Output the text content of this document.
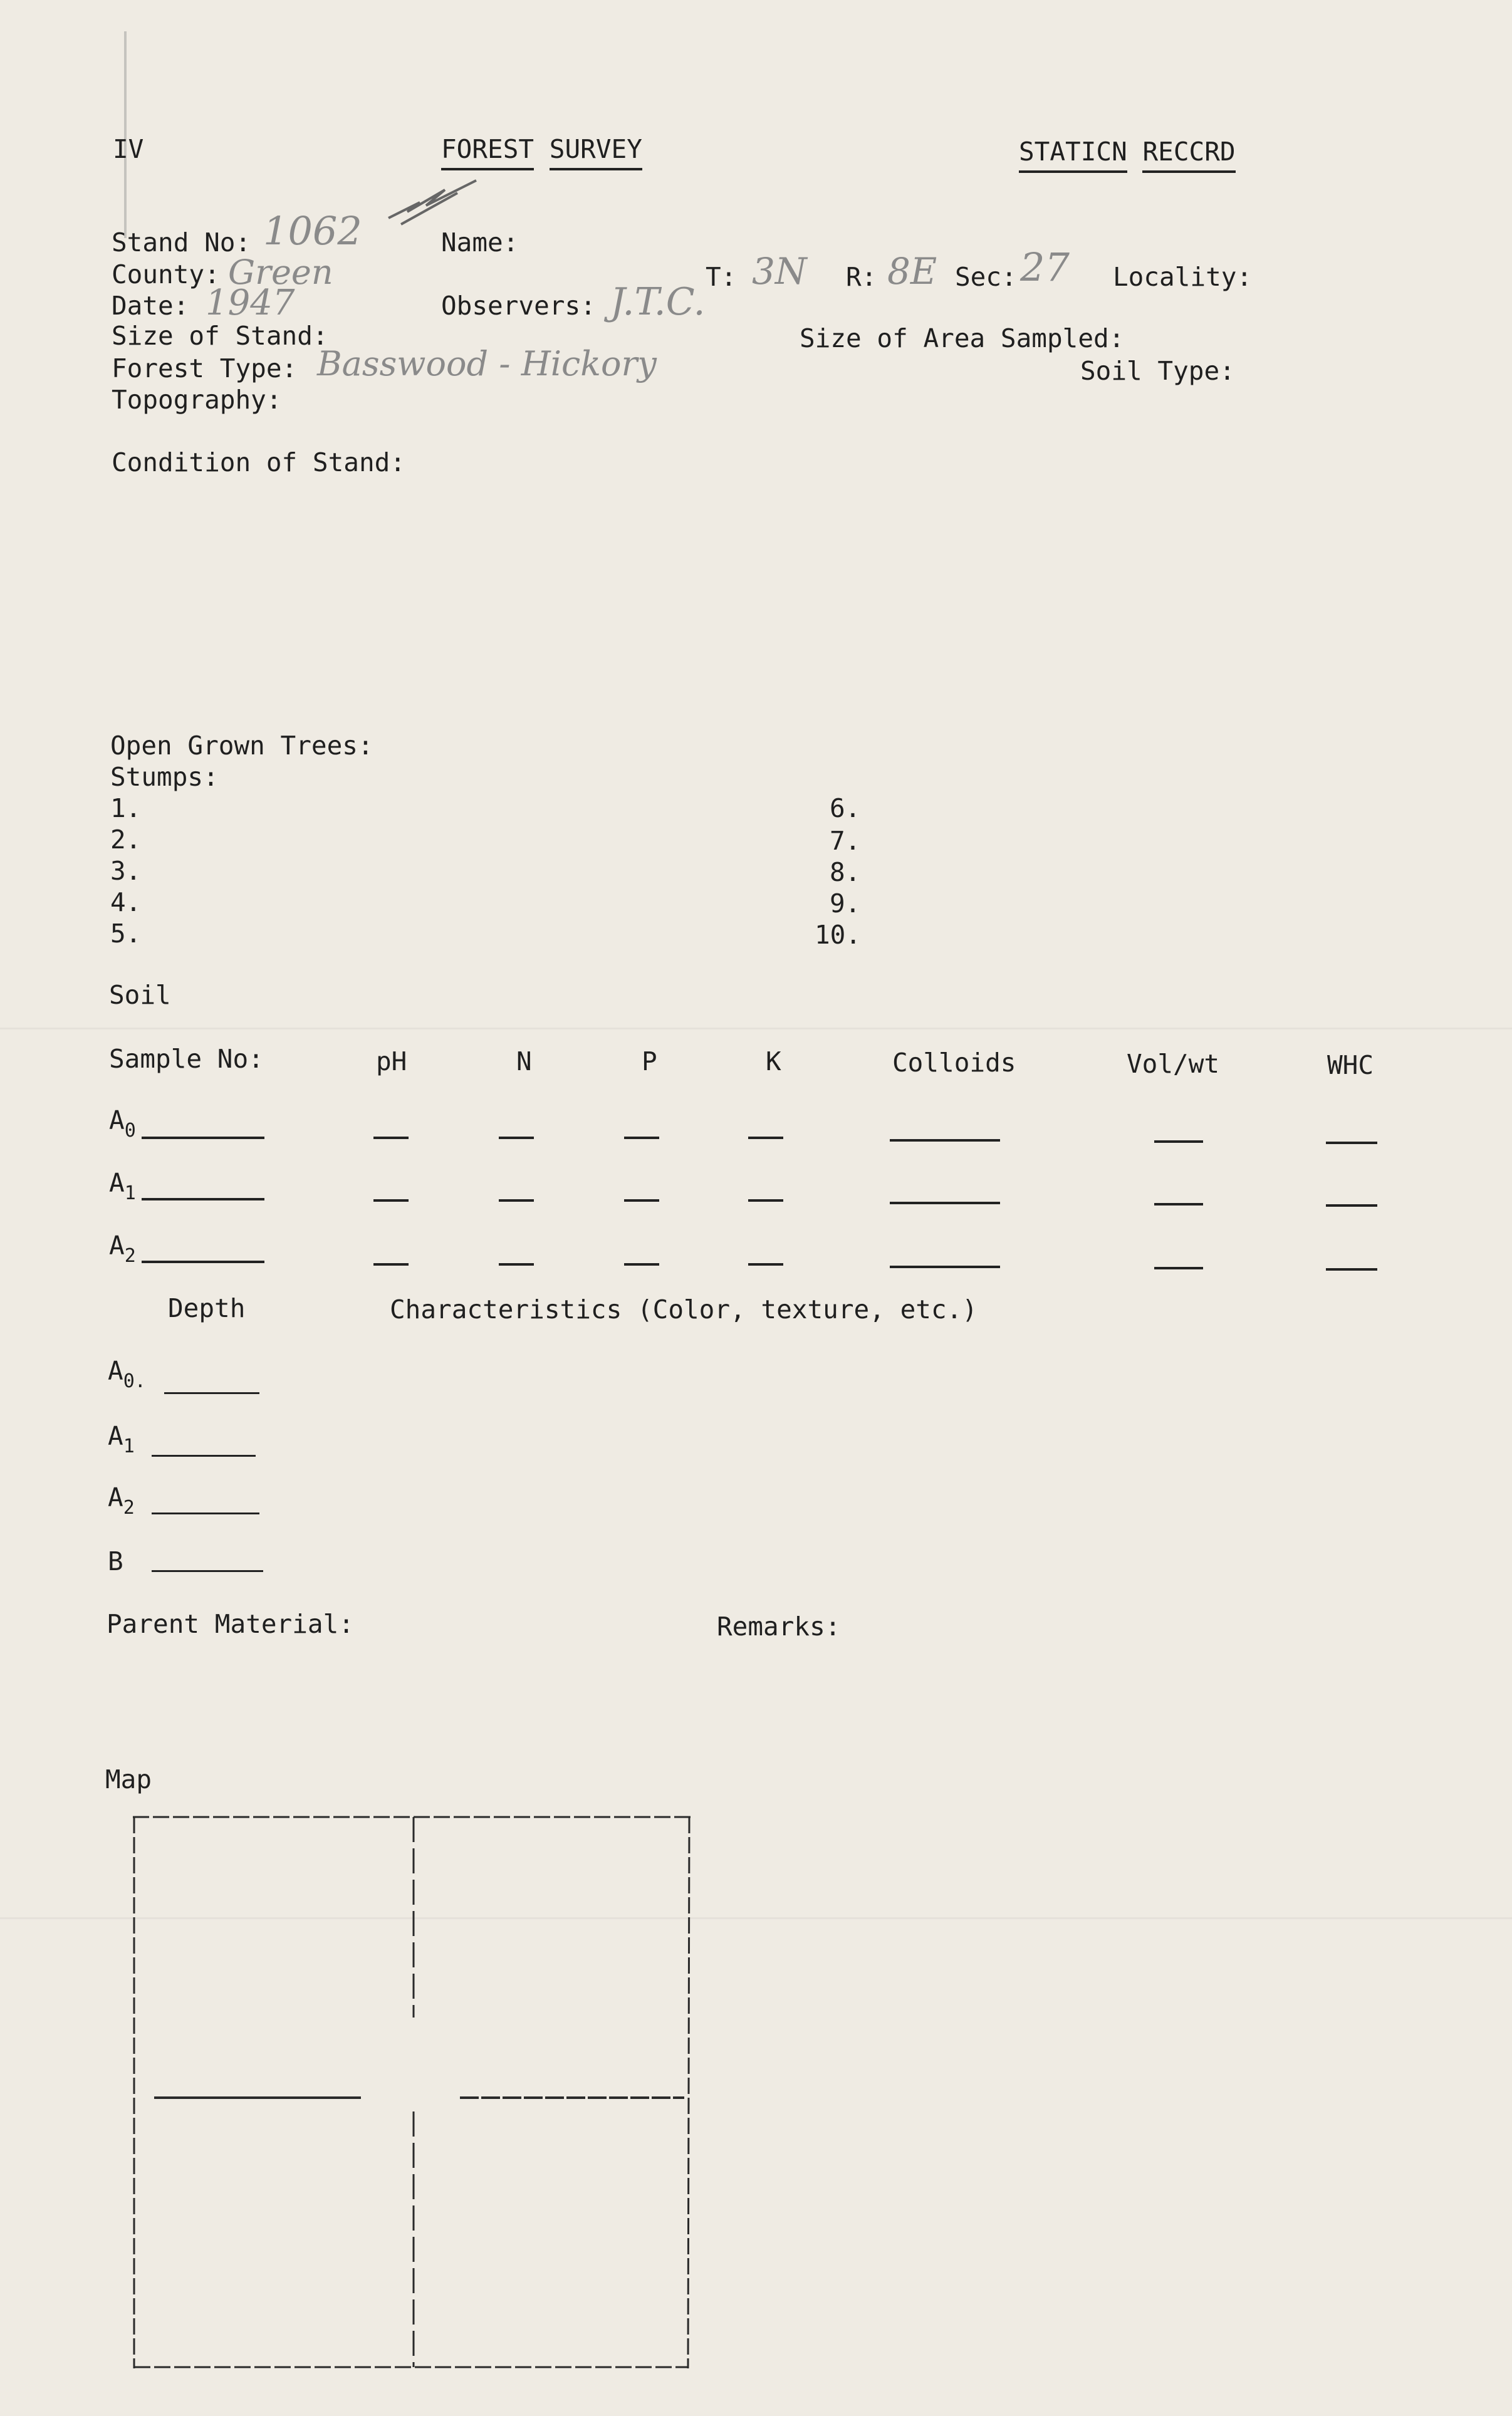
IV	FOREST SURVEY	STATICN RECCRD
Stand No: 1062	Name:
County: Green	T: 3N R: 8E Sec: 27 Locality:
Date: 1947	Observers: J.T.C.
Size of Stand:	Size of Area Sampled:
Forest Type: Basswood - Hickory	Soil Type:
Topography:
Condition of Stand:
Open Grown Trees:
Stumps:
1.
2.
3.
4.
5.
6.
7.
8.
9.
10.
Soil
Sample No:	pH	N	P	K	Colloids	Vol/wt	WHC
$A_0$
$A_1$
$A_2$
Depth	Characteristics (Color, texture, etc.)
$A_{0.}$
$A_1$
$A_2$
B
Parent Material:	Remarks:
Map
